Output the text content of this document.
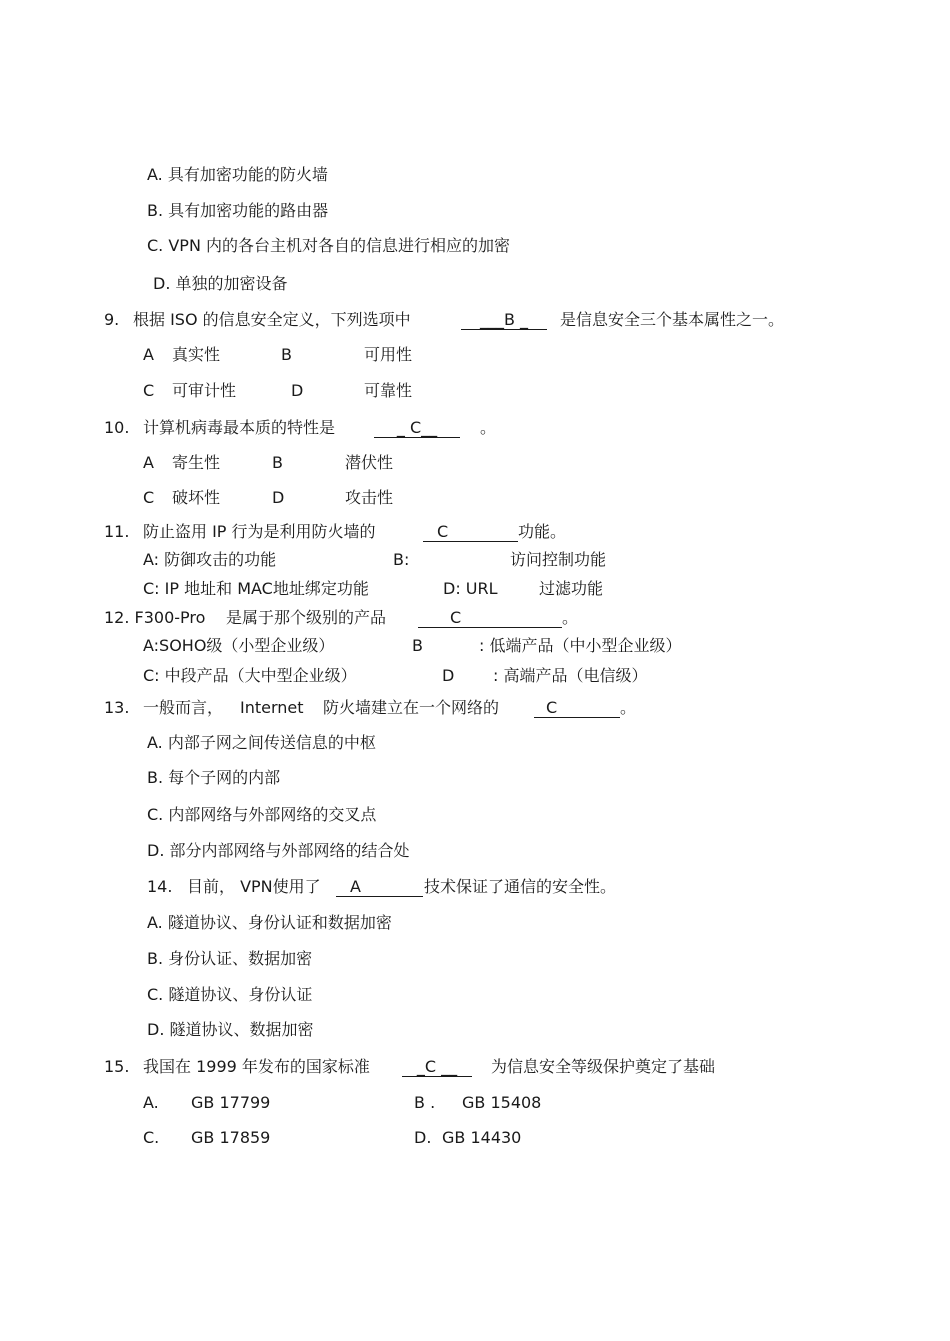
A. 具有加密功能的防火墙
B. 具有加密功能的路由器
C. VPN 内的各台主机对各自的信息进行相应的加密
D. 单独的加密设备
9. 根据 ISO 的信息安全定义，下列选项中	___B _	是信息安全三个基本属性之一。
A 真实性	B	可用性
C 可审计性	D	可靠性
10. 计算机病毒最本质的特性是	_ C__	。
A 寄生性	B	潜伏性
C 破坏性	D	攻击性
11. 防止盗用 IP 行为是利用防火墙的	C	功能。
A: 防御攻击的功能	B:	访问控制功能
C: IP 地址和 MAC地址绑定功能	D: URL	过滤功能
12. F300-Pro 是属于那个级别的产品	C	。
A:SOHO级（小型企业级）	B	: 低端产品（中小型企业级）
C: 中段产品（大中型企业级）	D : 高端产品（电信级）
13. 一般而言， Internet 防火墙建立在一个网络的	C	。
A. 内部子网之间传送信息的中枢
B. 每个子网的内部
C. 内部网络与外部网络的交叉点
D. 部分内部网络与外部网络的结合处
14. 目前， VPN使用了	A	技术保证了通信的安全性。
A. 隧道协议、身份认证和数据加密
B. 身份认证、数据加密
C. 隧道协议、身份认证
D. 隧道协议、数据加密
15. 我国在 1999 年发布的国家标准	_C __	为信息安全等级保护奠定了基础
A. GB 17799	B . GB 15408
C. GB 17859	D. GB 14430
